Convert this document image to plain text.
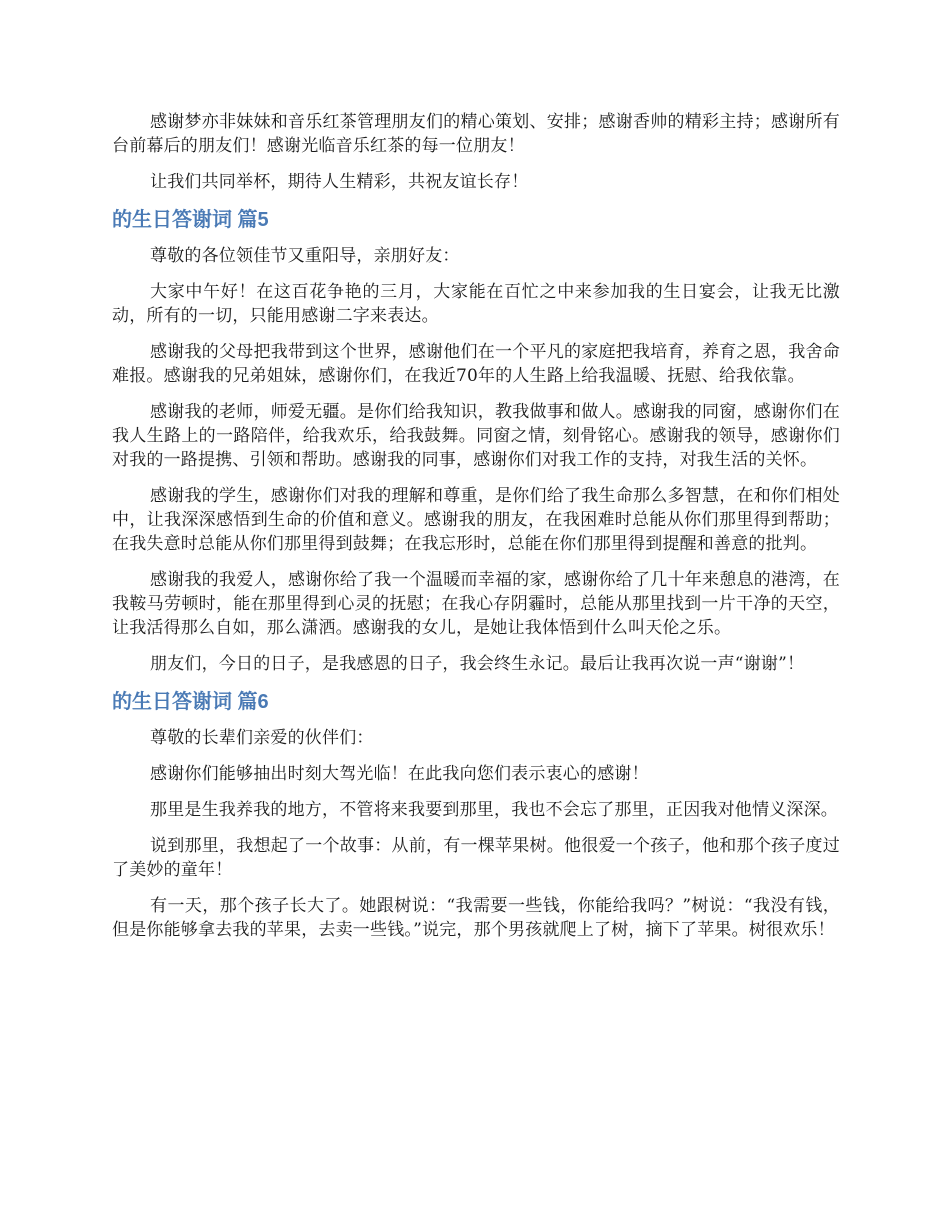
感谢梦亦非妹妹和音乐红茶管理朋友们的精心策划、安排；感谢香帅的精彩主持；感谢所有台前幕后的朋友们！感谢光临音乐红茶的每一位朋友！

让我们共同举杯，期待人生精彩，共祝友谊长存！

的生日答谢词 篇5

尊敬的各位领佳节又重阳导，亲朋好友：

大家中午好！在这百花争艳的三月，大家能在百忙之中来参加我的生日宴会，让我无比激动，所有的一切，只能用感谢二字来表达。

感谢我的父母把我带到这个世界，感谢他们在一个平凡的家庭把我培育，养育之恩，我舍命难报。感谢我的兄弟姐妹，感谢你们，在我近70年的人生路上给我温暖、抚慰、给我依靠。

感谢我的老师，师爱无疆。是你们给我知识，教我做事和做人。感谢我的同窗，感谢你们在我人生路上的一路陪伴，给我欢乐，给我鼓舞。同窗之情，刻骨铭心。感谢我的领导，感谢你们对我的一路提携、引领和帮助。感谢我的同事，感谢你们对我工作的支持，对我生活的关怀。

感谢我的学生，感谢你们对我的理解和尊重，是你们给了我生命那么多智慧，在和你们相处中，让我深深感悟到生命的价值和意义。感谢我的朋友，在我困难时总能从你们那里得到帮助；在我失意时总能从你们那里得到鼓舞；在我忘形时，总能在你们那里得到提醒和善意的批判。

感谢我的我爱人，感谢你给了我一个温暖而幸福的家，感谢你给了几十年来憩息的港湾，在我鞍马劳顿时，能在那里得到心灵的抚慰；在我心存阴霾时，总能从那里找到一片干净的天空，让我活得那么自如，那么潇洒。感谢我的女儿，是她让我体悟到什么叫天伦之乐。

朋友们，今日的日子，是我感恩的日子，我会终生永记。最后让我再次说一声“谢谢”！

的生日答谢词 篇6

尊敬的长辈们亲爱的伙伴们：

感谢你们能够抽出时刻大驾光临！在此我向您们表示衷心的感谢！

那里是生我养我的地方，不管将来我要到那里，我也不会忘了那里，正因我对他情义深深。

说到那里，我想起了一个故事：从前，有一棵苹果树。他很爱一个孩子，他和那个孩子度过了美妙的童年！

有一天，那个孩子长大了。她跟树说：“我需要一些钱，你能给我吗？”树说：“我没有钱，但是你能够拿去我的苹果，去卖一些钱。”说完，那个男孩就爬上了树，摘下了苹果。树很欢乐！
